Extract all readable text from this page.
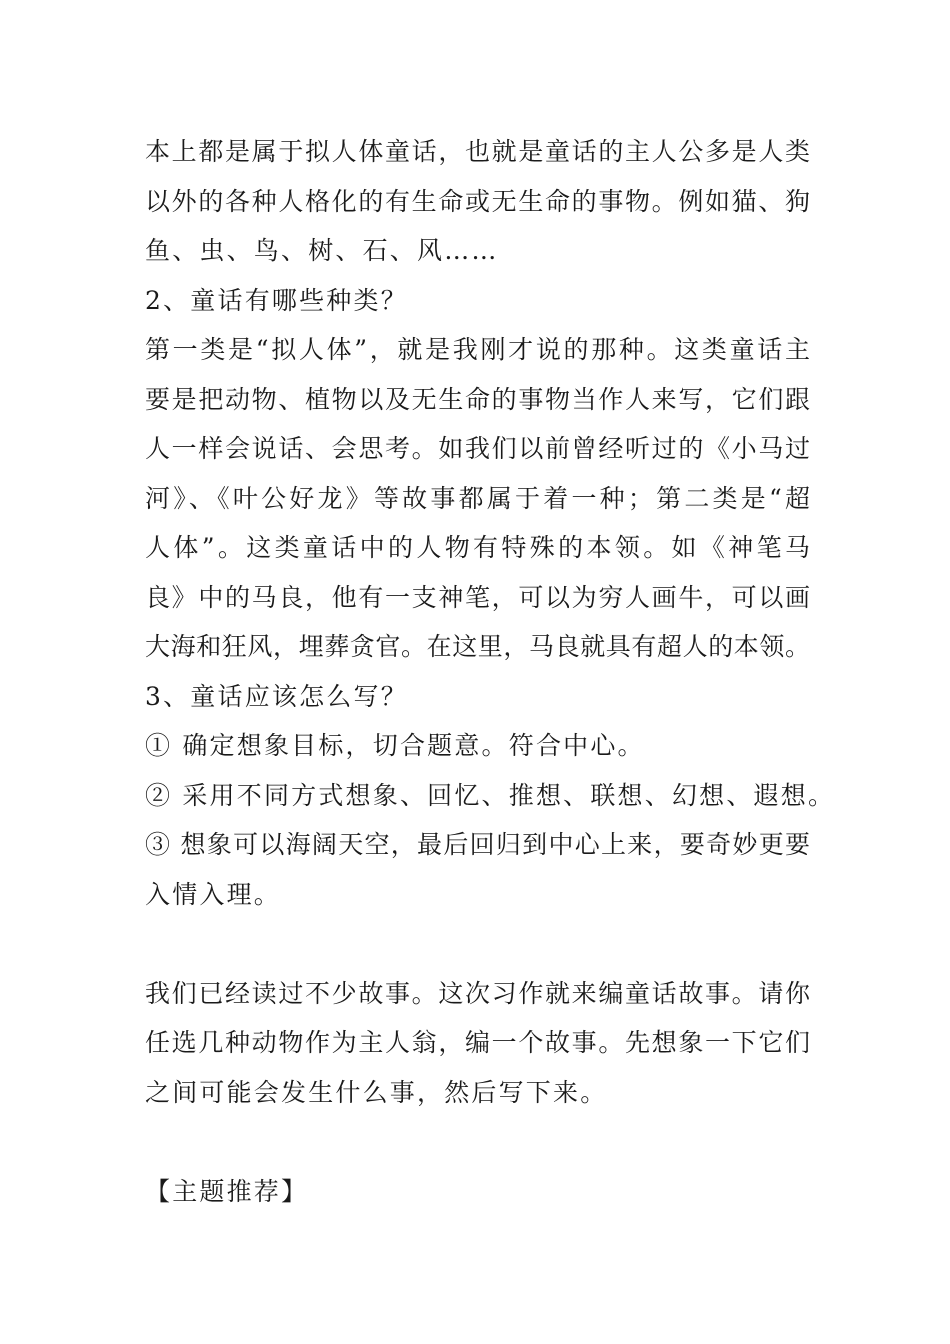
本上都是属于拟人体童话，也就是童话的主人公多是人类
以外的各种人格化的有生命或无生命的事物。例如猫、狗
鱼、虫、鸟、树、石、风……
2、童话有哪些种类？
第一类是“拟人体”，就是我刚才说的那种。这类童话主
要是把动物、植物以及无生命的事物当作人来写，它们跟
人一样会说话、会思考。如我们以前曾经听过的《小马过
河》、《叶公好龙》等故事都属于着一种；第二类是“超
人体”。这类童话中的人物有特殊的本领。如《神笔马
良》中的马良，他有一支神笔，可以为穷人画牛，可以画
大海和狂风，埋葬贪官。在这里，马良就具有超人的本领。
3、童话应该怎么写？
① 确定想象目标，切合题意。符合中心。
② 采用不同方式想象、回忆、推想、联想、幻想、遐想。
③ 想象可以海阔天空，最后回归到中心上来，要奇妙更要
入情入理。
我们已经读过不少故事。这次习作就来编童话故事。请你
任选几种动物作为主人翁，编一个故事。先想象一下它们
之间可能会发生什么事，然后写下来。
【主题推荐】
